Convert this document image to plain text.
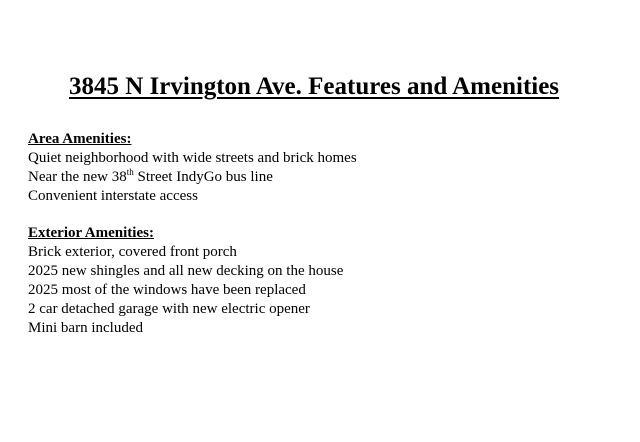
3845 N Irvington Ave. Features and Amenities
Area Amenities:
Quiet neighborhood with wide streets and brick homes
Near the new 38th Street IndyGo bus line
Convenient interstate access
Exterior Amenities:
Brick exterior, covered front porch
2025 new shingles and all new decking on the house
2025 most of the windows have been replaced
2 car detached garage with new electric opener
Mini barn included
